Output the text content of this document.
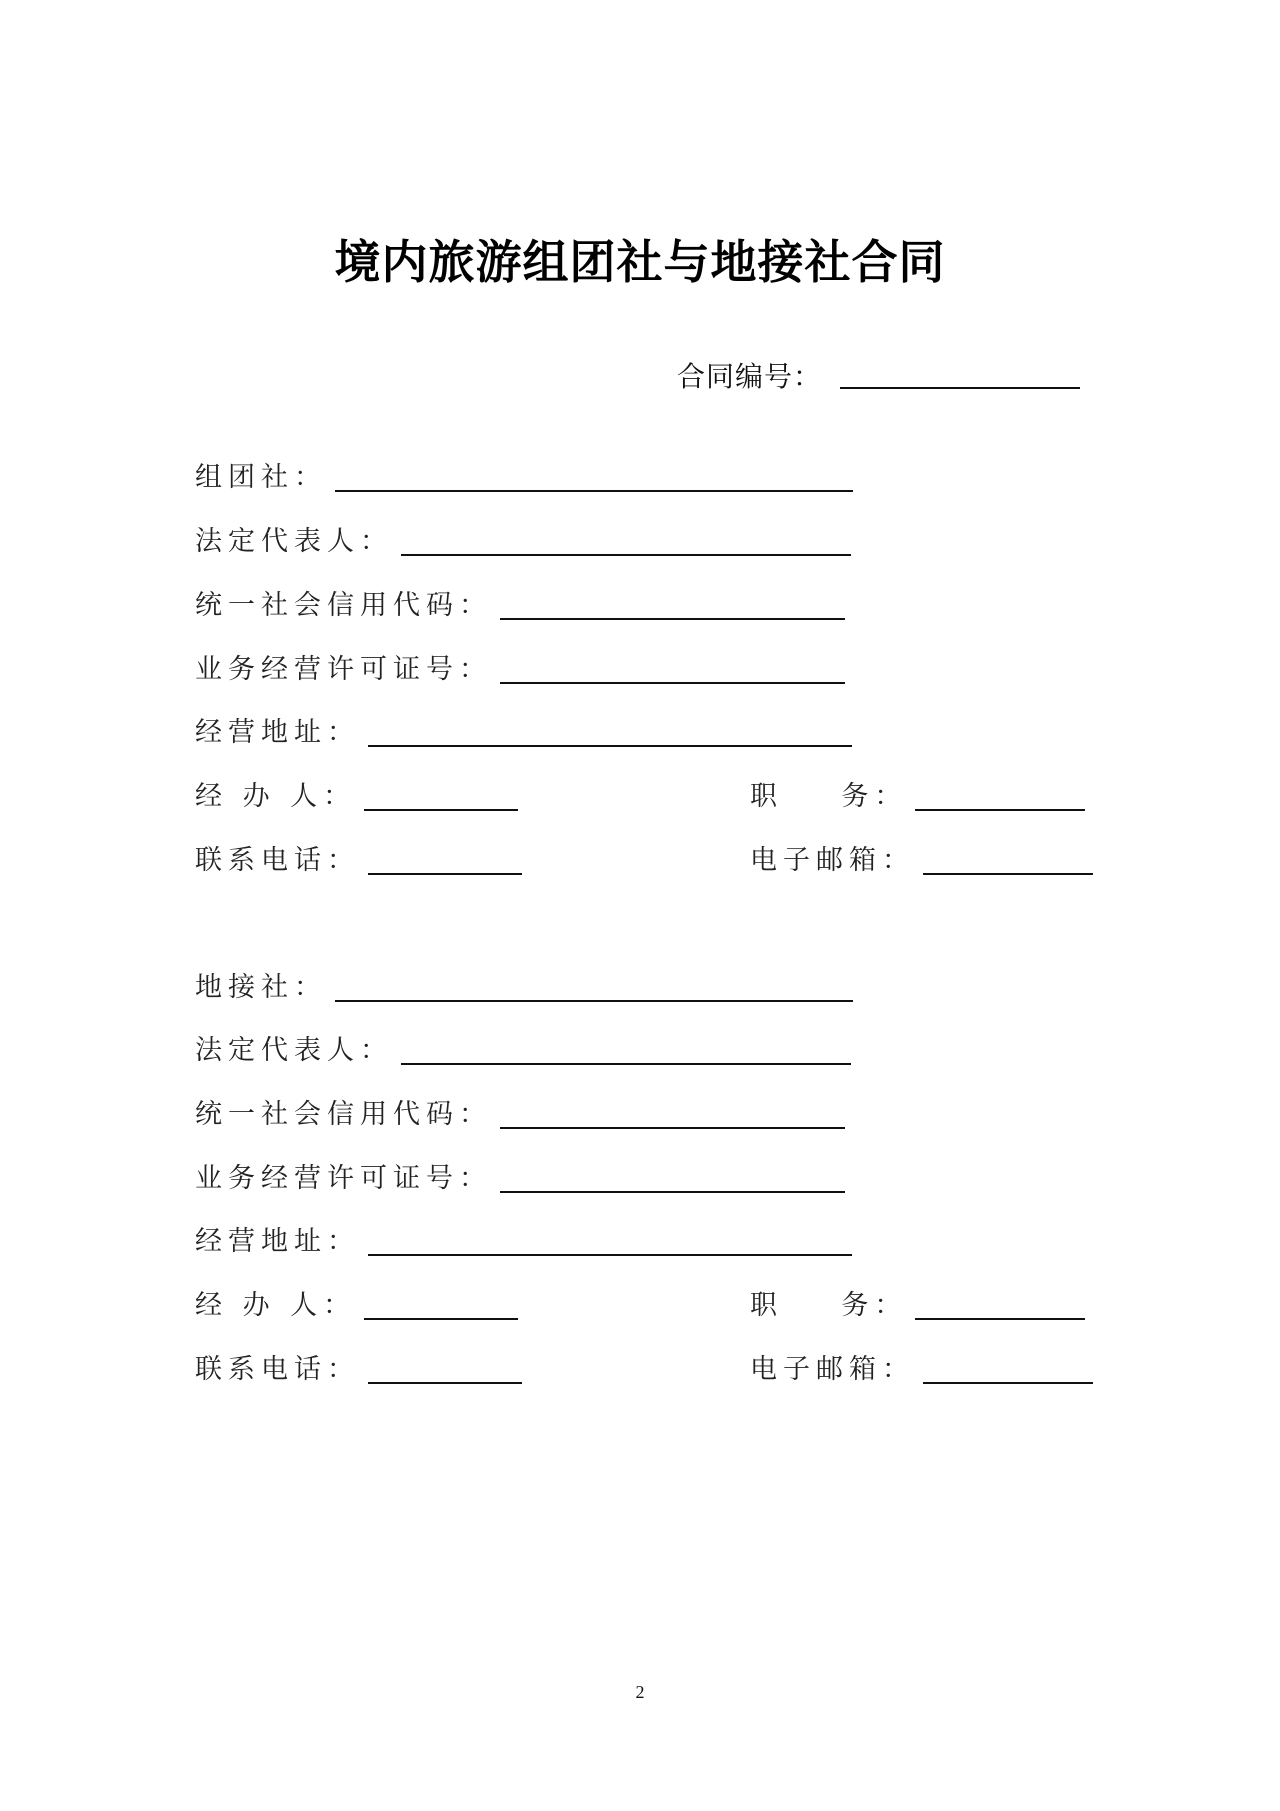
境内旅游组团社与地接社合同
合同编号：
组团社：
法定代表人：
统一社会信用代码：
业务经营许可证号：
经营地址：
经 办 人：	职    务：
联系电话：	电子邮箱：
地接社：
法定代表人：
统一社会信用代码：
业务经营许可证号：
经营地址：
经 办 人：	职    务：
联系电话：	电子邮箱：
2
